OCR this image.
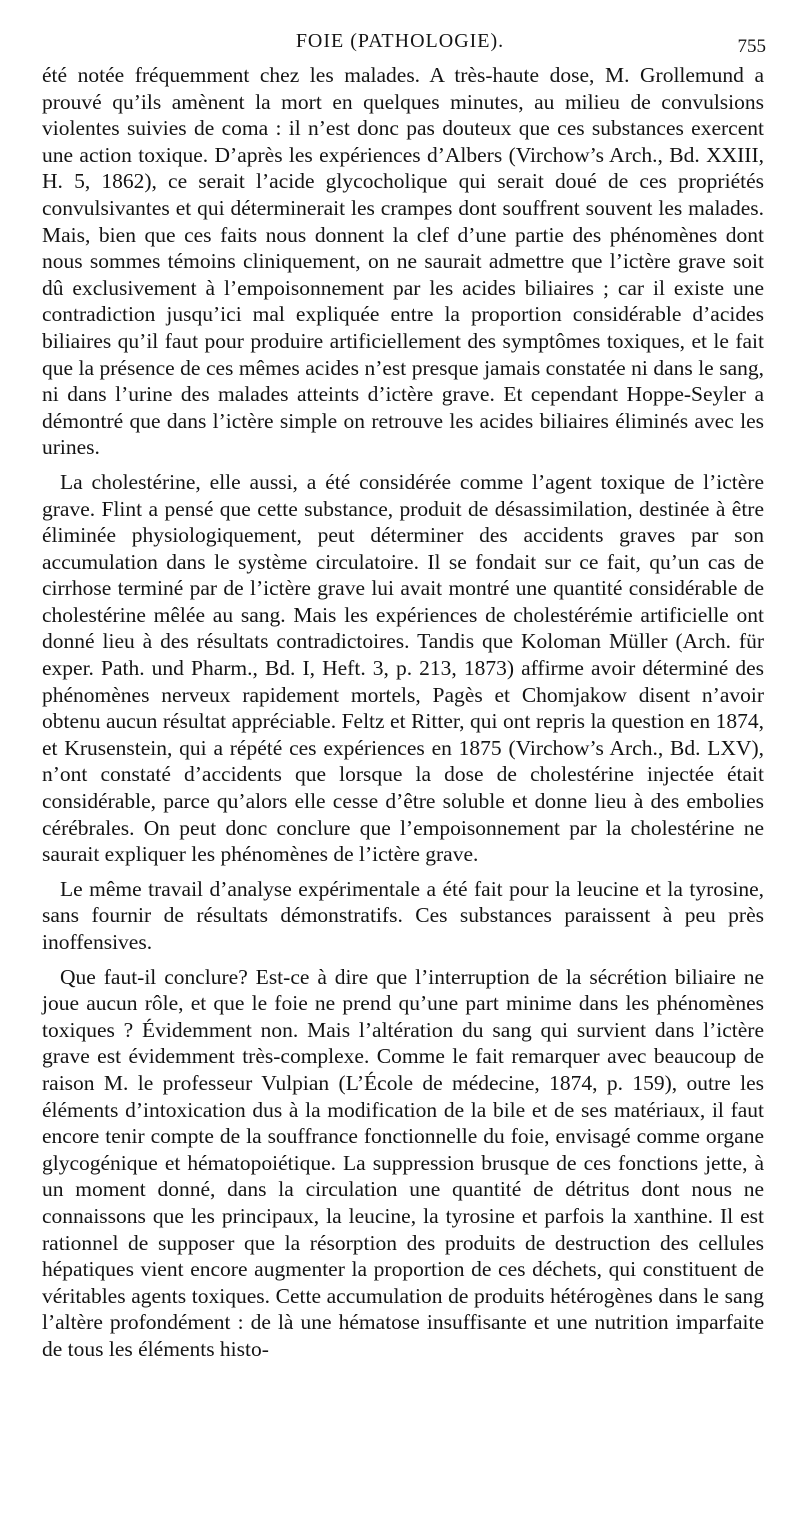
FOIE (PATHOLOGIE).	755

été notée fréquemment chez les malades. A très-haute dose, M. Grollemund a prouvé qu’ils amènent la mort en quelques minutes, au milieu de convulsions violentes suivies de coma : il n’est donc pas douteux que ces substances exercent une action toxique. D’après les expériences d’Albers (Virchow’s Arch., Bd. XXIII, H. 5, 1862), ce serait l’acide glycocholique qui serait doué de ces propriétés convulsivantes et qui déterminerait les crampes dont souffrent souvent les malades. Mais, bien que ces faits nous donnent la clef d’une partie des phénomènes dont nous sommes témoins cliniquement, on ne saurait admettre que l’ictère grave soit dû exclusivement à l’empoisonnement par les acides biliaires ; car il existe une contradiction jusqu’ici mal expliquée entre la proportion considérable d’acides biliaires qu’il faut pour produire artificiellement des symptômes toxiques, et le fait que la présence de ces mêmes acides n’est presque jamais constatée ni dans le sang, ni dans l’urine des malades atteints d’ictère grave. Et cependant Hoppe-Seyler a démontré que dans l’ictère simple on retrouve les acides biliaires éliminés avec les urines.

La cholestérine, elle aussi, a été considérée comme l’agent toxique de l’ictère grave. Flint a pensé que cette substance, produit de désassimilation, destinée à être éliminée physiologiquement, peut déterminer des accidents graves par son accumulation dans le système circulatoire. Il se fondait sur ce fait, qu’un cas de cirrhose terminé par de l’ictère grave lui avait montré une quantité considérable de cholestérine mêlée au sang. Mais les expériences de cholestérémie artificielle ont donné lieu à des résultats contradictoires. Tandis que Koloman Müller (Arch. für exper. Path. und Pharm., Bd. I, Heft. 3, p. 213, 1873) affirme avoir déterminé des phénomènes nerveux rapidement mortels, Pagès et Chomjakow disent n’avoir obtenu aucun résultat appréciable. Feltz et Ritter, qui ont repris la question en 1874, et Krusenstein, qui a répété ces expériences en 1875 (Virchow’s Arch., Bd. LXV), n’ont constaté d’accidents que lorsque la dose de cholestérine injectée était considérable, parce qu’alors elle cesse d’être soluble et donne lieu à des embolies cérébrales. On peut donc conclure que l’empoisonnement par la cholestérine ne saurait expliquer les phénomènes de l’ictère grave.

Le même travail d’analyse expérimentale a été fait pour la leucine et la tyrosine, sans fournir de résultats démonstratifs. Ces substances paraissent à peu près inoffensives.

Que faut-il conclure? Est-ce à dire que l’interruption de la sécrétion biliaire ne joue aucun rôle, et que le foie ne prend qu’une part minime dans les phénomènes toxiques ? Évidemment non. Mais l’altération du sang qui survient dans l’ictère grave est évidemment très-complexe. Comme le fait remarquer avec beaucoup de raison M. le professeur Vulpian (L’École de médecine, 1874, p. 159), outre les éléments d’intoxication dus à la modification de la bile et de ses matériaux, il faut encore tenir compte de la souffrance fonctionnelle du foie, envisagé comme organe glycogénique et hématopoiétique. La suppression brusque de ces fonctions jette, à un moment donné, dans la circulation une quantité de détritus dont nous ne connaissons que les principaux, la leucine, la tyrosine et parfois la xanthine. Il est rationnel de supposer que la résorption des produits de destruction des cellules hépatiques vient encore augmenter la proportion de ces déchets, qui constituent de véritables agents toxiques. Cette accumulation de produits hétérogènes dans le sang l’altère profondément : de là une hématose insuffisante et une nutrition imparfaite de tous les éléments histo-
